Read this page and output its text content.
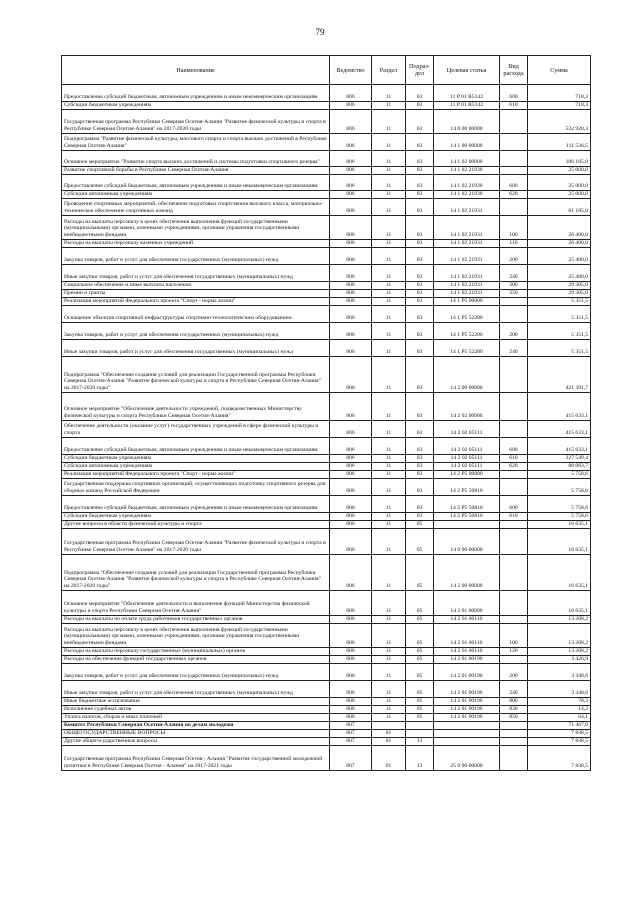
79
Наименование	Ведомство	Раздел	Подраз-дел	Целевая статья	Вид расхода	Сумма
Предоставление субсидий бюджетным, автономным учреждениям и иным некоммерческим организациям	806	11	03	11 P 01 R5142	600	718,3
Субсидии бюджетным учреждениям	806	11	03	11 P 01 R5142	610	718,3
Государственная программа Республики Северная Осетия-Алания "Развитие физической культуры и спорта в Республике Северная Осетия-Алания" на 2017-2020 годы	806	11	03	14 0 00 00000		532 928,3
Подпрограмма "Развитие физической культуры, массового спорта и спорта высших достижений в Республике Северная Осетия-Алания"	806	11	03	14 1 00 00000		111 536,5
Основное мероприятие "Развитие спорта высших достижений и системы подготовки спортивного резерва"	806	11	03	14 1 02 00000		106 185,0
Развитие спортивной борьбы в Республике Северная Осетия-Алания	806	11	03	14 1 02 21930		25 000,0
Предоставление субсидий бюджетным, автономным учреждениям и иным некоммерческим организациям	806	11	03	14 1 02 21930	600	25 000,0
Субсидии автономным учреждениям	806	11	03	14 1 02 21930	620	25 000,0
Проведение спортивных мероприятий, обеспечение подготовки спортсменов высокого класса, материально-техническое обеспечение спортивных команд	806	11	03	14 1 02 21931		81 185,0
Расходы на выплаты персоналу в целях обеспечения выполнения функций государственными (муниципальными) органами, казенными учреждениями, органами управления государственными внебюджетными фондами	806	11	03	14 1 02 21931	100	26 400,0
Расходы на выплаты персоналу казенных учреждений	806	11	03	14 1 02 21931	110	26 400,0
Закупка товаров, работ и услуг для обеспечения государственных (муниципальных) нужд	806	11	03	14 1 02 21931	200	25 480,0
Иные закупки товаров, работ и услуг для обеспечения государственных (муниципальных) нужд	806	11	03	14 1 02 21931	240	25 480,0
Социальное обеспечение и иные выплаты населению	806	11	03	14 1 02 21931	300	29 305,0
Премии и гранты	806	11	03	14 1 02 21931	350	29 305,0
Реализация мероприятий Федерального проекта "Спорт - норма жизни"	806	11	03	14 1 P5 00000		5 351,5
Оснащение объектов спортивной инфраструктуры спортивно-технологическим оборудованием	806	11	03	14 1 P5 52280		5 351,5
Закупка товаров, работ и услуг для обеспечения государственных (муниципальных) нужд	806	11	03	14 1 P5 52280	200	5 351,5
Иные закупки товаров, работ и услуг для обеспечения государственных (муниципальных) нужд	806	11	03	14 1 P5 52280	240	5 351,5
Подпрограмма "Обеспечение создания условий для реализации Государственной программы Республики Северная Осетия-Алания "Развитие физической культуры и спорта в Республике Северная Осетия-Алания" на 2017-2020 годы"	806	11	03	14 2 00 00000		421 391,7
Основное мероприятие "Обеспечение деятельности учреждений, подведомственных Министерству физической культуры и спорта Республики Северная Осетия-Алания"	806	11	03	14 2 02 00000		415 633,1
Обеспечение деятельности (оказание услуг) государственных учреждений в сфере физической культуры и спорта	806	11	03	14 2 02 05111		415 633,1
Предоставление субсидий бюджетным, автономным учреждениям и иным некоммерческим организациям	806	11	03	14 2 02 05111	600	415 633,1
Субсидии бюджетным учреждениям	806	11	03	14 2 02 05111	610	327 549,4
Субсидии автономным учреждениям	806	11	03	14 2 02 05111	620	88 083,7
Реализация мероприятий Федерального проекта "Спорт - норма жизни"	806	11	03	14 2 P5 00000		5 758,6
Государственная поддержка спортивных организаций, осуществляющих подготовку спортивного резерва для сборных команд Российской Федерации	806	11	03	14 2 P5 50810		5 758,6
Предоставление субсидий бюджетным, автономным учреждениям и иным некоммерческим организациям	806	11	03	14 2 P5 50810	600	5 758,6
Субсидии бюджетным учреждениям	806	11	03	14 2 P5 50810	610	5 758,6
Другие вопросы в области физической культуры и спорта	806	11	05			16 635,1
Государственная программа Республики Северная Осетия-Алания "Развитие физической культуры и спорта в Республике Северная Осетия-Алания" на 2017-2020 годы	806	11	05	14 0 00 00000		16 635,1
Подпрограмма "Обеспечение создания условий для реализации Государственной программы Республики Северная Осетия-Алания "Развитие физической культуры и спорта в Республике Северная Осетия-Алания" на 2017-2020 годы"	806	11	05	14 2 00 00000		16 635,1
Основное мероприятие "Обеспечение деятельности и выполнение функций Министерства физической культуры и спорта Республики Северная Осетия-Алания"	806	11	05	14 2 01 00000		16 635,1
Расходы на выплаты по оплате труда работников государственных органов	806	11	05	14 2 01 00110		13 208,2
Расходы на выплаты персоналу в целях обеспечения выполнения функций государственными (муниципальными) органами, казенными учреждениями, органами управления государственными внебюджетными фондами	806	11	05	14 2 01 00110	100	13 208,2
Расходы на выплаты персоналу государственных (муниципальных) органов	806	11	05	14 2 01 00110	120	13 208,2
Расходы на обеспечение функций государственных органов	806	11	05	14 2 01 00190		3 426,9
Закупка товаров, работ и услуг для обеспечения государственных (муниципальных) нужд	806	11	05	14 2 01 00190	200	3 348,6
Иные закупки товаров, работ и услуг для обеспечения государственных (муниципальных) нужд	806	11	05	14 2 01 00190	240	3 348,6
Иные бюджетные ассигнования	806	11	05	14 2 01 00190	800	78,3
Исполнение судебных актов	806	11	05	14 2 01 00190	830	14,2
Уплата налогов, сборов и иных платежей	806	11	05	14 2 01 00190	850	64,1
Комитет Республики Северная Осетия-Алания по делам молодежи	807					71 467,6
ОБЩЕГОСУДАРСТВЕННЫЕ ВОПРОСЫ	807	01				7 838,5
Другие общегосударственные вопросы	807	01	13			7 838,5
Государственная программа Республики Северная Осетия - Алания "Развитие государственной молодежной политики в Республике Северная Осетия - Алания" на 2017-2021 годы	807	01	13	25 0 00 00000		7 838,5
